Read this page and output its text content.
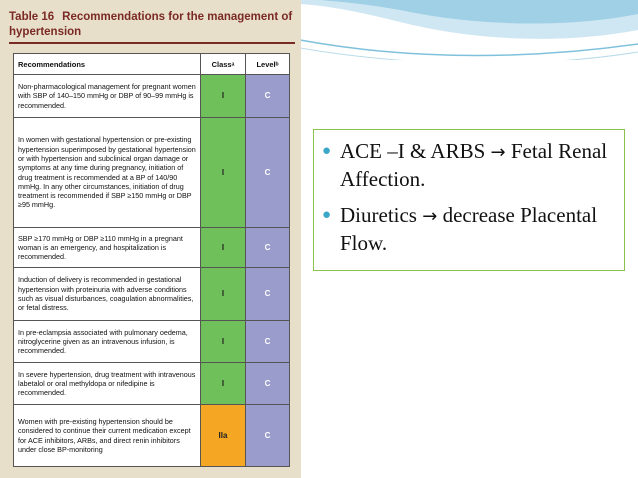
Table 16 Recommendations for the management of hypertension
Recommendations	Classᵃ	Levelᵇ
Non-pharmacological management for pregnant women with SBP of 140–150 mmHg or DBP of 90–99 mmHg is recommended.	I	C
In women with gestational hypertension or pre-existing hypertension superimposed by gestational hypertension or with hypertension and subclinical organ damage or symptoms at any time during pregnancy, initiation of drug treatment is recommended at a BP of 140/90 mmHg. In any other circumstances, initiation of drug treatment is recommended if SBP ≥150 mmHg or DBP ≥95 mmHg.	I	C
SBP ≥170 mmHg or DBP ≥110 mmHg in a pregnant woman is an emergency, and hospitalization is recommended.	I	C
Induction of delivery is recommended in gestational hypertension with proteinuria with adverse conditions such as visual disturbances, coagulation abnormalities, or fetal distress.	I	C
In pre-eclampsia associated with pulmonary oedema, nitroglycerine given as an intravenous infusion, is recommended.	I	C
In severe hypertension, drug treatment with intravenous labetalol or oral methyldopa or nifedipine is recommended.	I	C
Women with pre-existing hypertension should be considered to continue their current medication except for ACE inhibitors, ARBs, and direct renin inhibitors under close BP-monitoring	IIa	C
● ACE –I & ARBS → Fetal Renal Affection.
● Diuretics → decrease Placental Flow.
